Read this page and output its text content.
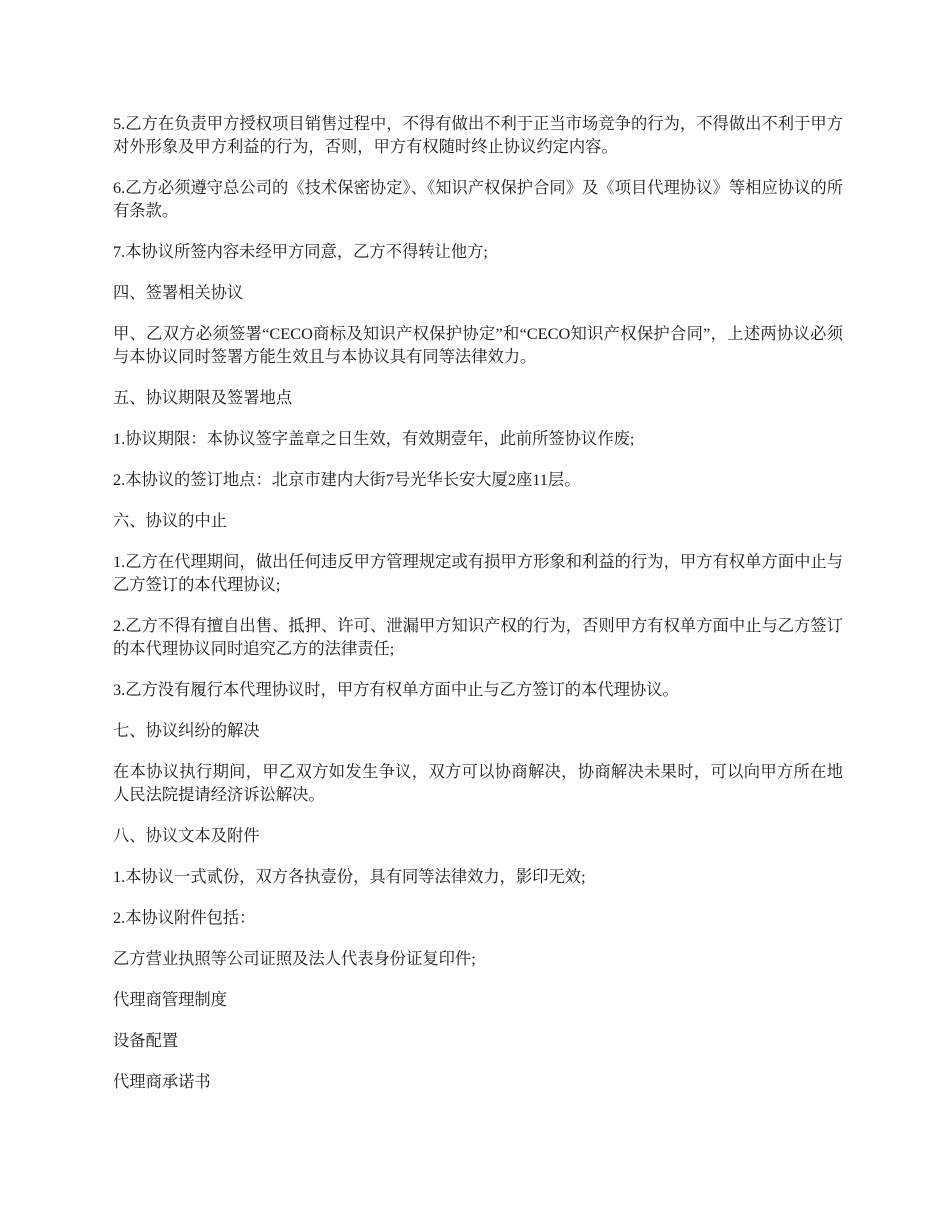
5.乙方在负责甲方授权项目销售过程中，不得有做出不利于正当市场竞争的行为，不得做出不利于甲方对外形象及甲方利益的行为，否则，甲方有权随时终止协议约定内容。

6.乙方必须遵守总公司的《技术保密协定》、《知识产权保护合同》及《项目代理协议》等相应协议的所有条款。

7.本协议所签内容未经甲方同意，乙方不得转让他方;

四、签署相关协议

甲、乙双方必须签署“CECO商标及知识产权保护协定”和“CECO知识产权保护合同”，上述两协议必须与本协议同时签署方能生效且与本协议具有同等法律效力。

五、协议期限及签署地点

1.协议期限：本协议签字盖章之日生效，有效期壹年，此前所签协议作废;

2.本协议的签订地点：北京市建内大街7号光华长安大厦2座11层。

六、协议的中止

1.乙方在代理期间，做出任何违反甲方管理规定或有损甲方形象和利益的行为，甲方有权单方面中止与乙方签订的本代理协议;

2.乙方不得有擅自出售、抵押、许可、泄漏甲方知识产权的行为，否则甲方有权单方面中止与乙方签订的本代理协议同时追究乙方的法律责任;

3.乙方没有履行本代理协议时，甲方有权单方面中止与乙方签订的本代理协议。

七、协议纠纷的解决

在本协议执行期间，甲乙双方如发生争议，双方可以协商解决，协商解决未果时，可以向甲方所在地人民法院提请经济诉讼解决。

八、协议文本及附件

1.本协议一式贰份，双方各执壹份，具有同等法律效力，影印无效;

2.本协议附件包括：

乙方营业执照等公司证照及法人代表身份证复印件;

代理商管理制度

设备配置

代理商承诺书
